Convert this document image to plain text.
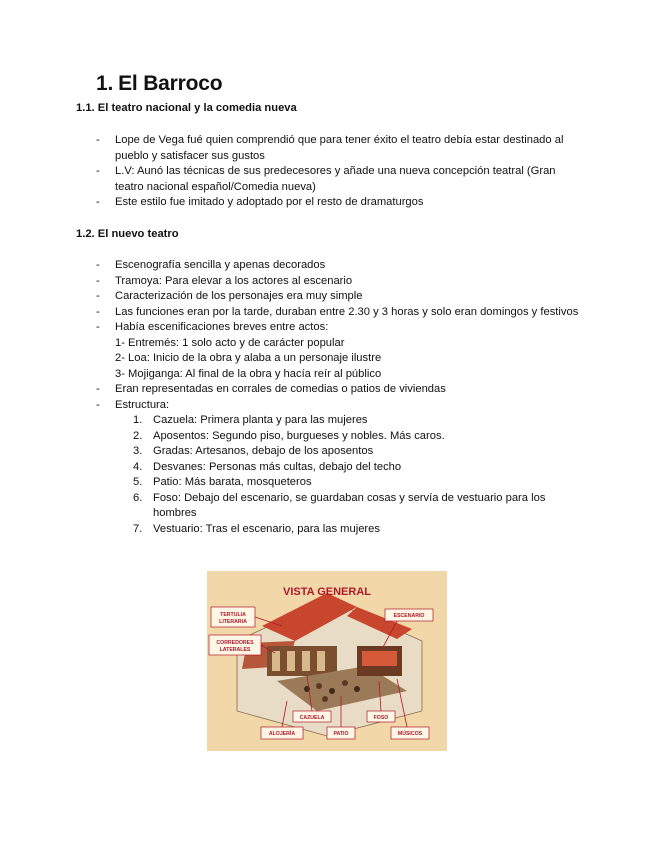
1. El Barroco
1.1. El teatro nacional y la comedia nueva
- Lope de Vega fué quien comprendió que para tener éxito el teatro debía estar destinado al pueblo y satisfacer sus gustos
- L.V: Aunó las técnicas de sus predecesores y añade una nueva concepción teatral (Gran teatro nacional español/Comedia nueva)
- Este estilo fue imitado y adoptado por el resto de dramaturgos
1.2. El nuevo teatro
- Escenografía sencilla y apenas decorados
- Tramoya: Para elevar a los actores al escenario
- Caracterización de los personajes era muy simple
- Las funciones eran por la tarde, duraban entre 2.30 y 3 horas y solo eran domingos y festivos
- Había escenificaciones breves entre actos:
1- Entremés: 1 solo acto y de carácter popular
2- Loa: Inicio de la obra y alaba a un personaje ilustre
3- Mojiganga: Al final de la obra y hacía reír al público
- Eran representadas en corrales de comedias o patios de viviendas
- Estructura:
1. Cazuela: Primera planta y para las mujeres
2. Aposentos: Segundo piso, burgueses y nobles. Más caros.
3. Gradas: Artesanos, debajo de los aposentos
4. Desvanes: Personas más cultas, debajo del techo
5. Patio: Más barata, mosqueteros
6. Foso: Debajo del escenario, se guardaban cosas y servía de vestuario para los hombres
7. Vestuario: Tras el escenario, para las mujeres
VISTA GENERAL
TERTULIA
LITERARIA
CORREDORES
LATERALES
ESCENARIO
CAZUELA	FOSO
ALOJERÍA	PATIO	MÚSICOS
